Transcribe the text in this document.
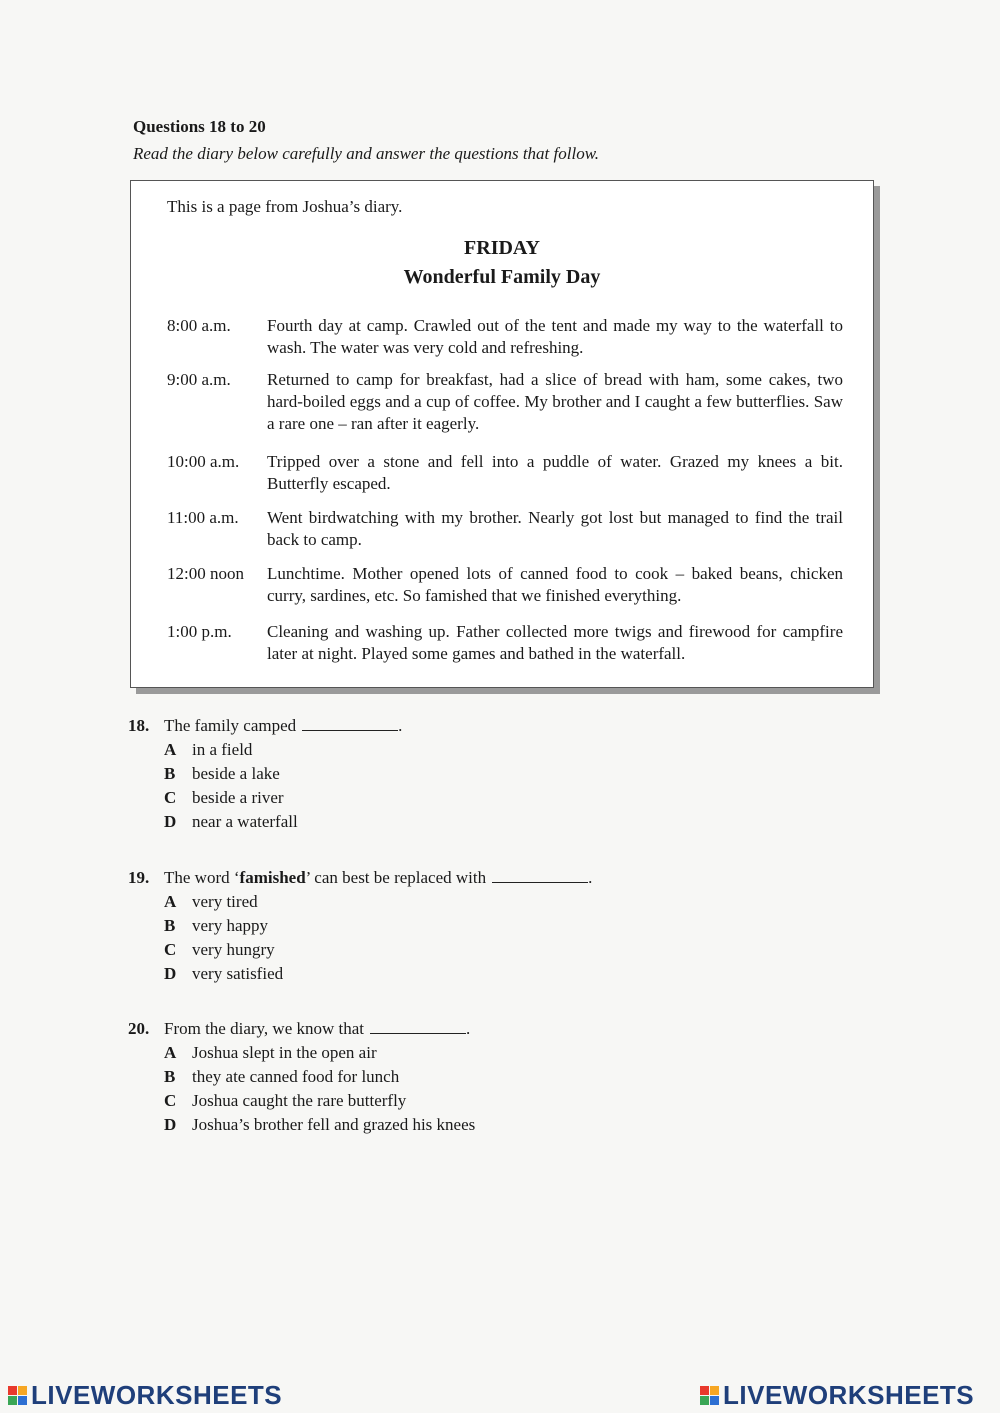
Questions 18 to 20
Read the diary below carefully and answer the questions that follow.
This is a page from Joshua’s diary.
FRIDAY
Wonderful Family Day
8:00 a.m.	Fourth day at camp. Crawled out of the tent and made my way to the waterfall to wash. The water was very cold and refreshing.
9:00 a.m.	Returned to camp for breakfast, had a slice of bread with ham, some cakes, two hard-boiled eggs and a cup of coffee. My brother and I caught a few butterflies. Saw a rare one – ran after it eagerly.
10:00 a.m.	Tripped over a stone and fell into a puddle of water. Grazed my knees a bit. Butterfly escaped.
11:00 a.m.	Went birdwatching with my brother. Nearly got lost but managed to find the trail back to camp.
12:00 noon	Lunchtime. Mother opened lots of canned food to cook – baked beans, chicken curry, sardines, etc. So famished that we finished everything.
1:00 p.m.	Cleaning and washing up. Father collected more twigs and firewood for campfire later at night. Played some games and bathed in the waterfall.
18. The family camped	.
A in a field
B beside a lake
C beside a river
D near a waterfall
19. The word ‘famished’ can best be replaced with	.
A very tired
B very happy
C very hungry
D very satisfied
20. From the diary, we know that	.
A Joshua slept in the open air
B they ate canned food for lunch
C Joshua caught the rare butterfly
D Joshua’s brother fell and grazed his knees
LIVEWORKSHEETS	LIVEWORKSHEETS
